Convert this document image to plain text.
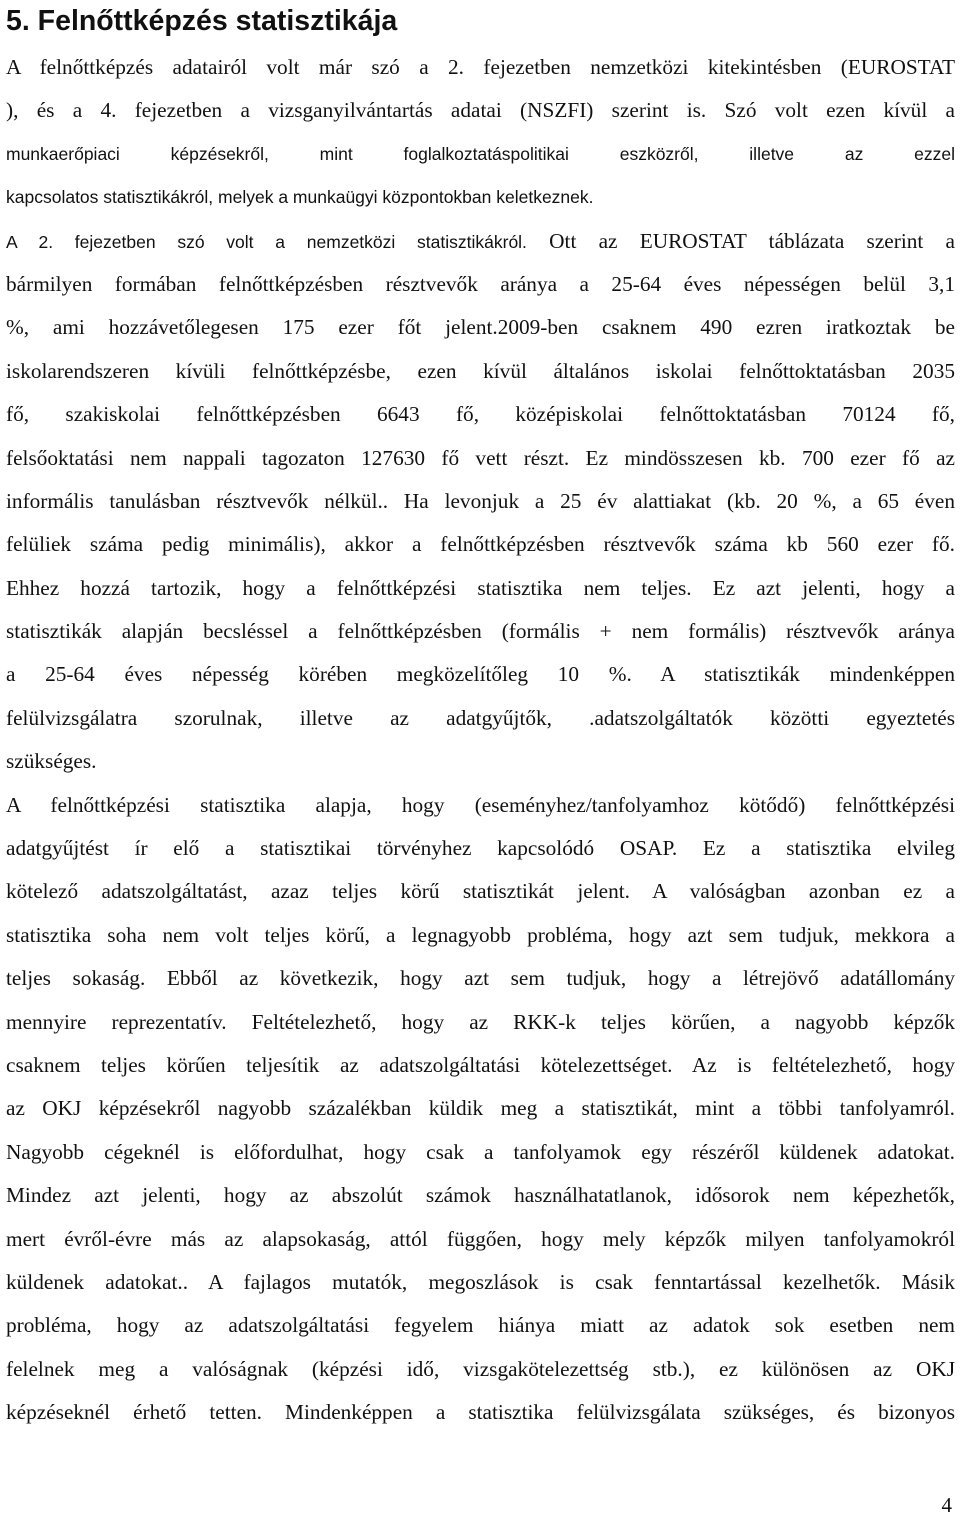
5. Felnőttképzés statisztikája
A felnőttképzés adatairól volt már szó a 2. fejezetben nemzetközi kitekintésben (EUROSTAT
), és a 4. fejezetben a vizsganyilvántartás adatai (NSZFI) szerint is. Szó volt ezen kívül a
munkaerőpiaci képzésekről, mint foglalkoztatáspolitikai eszközről, illetve az ezzel
kapcsolatos statisztikákról, melyek a munkaügyi központokban keletkeznek.
A 2. fejezetben szó volt a nemzetközi statisztikákról. Ott az EUROSTAT táblázata szerint a
bármilyen formában felnőttképzésben résztvevők aránya a 25-64 éves népességen belül 3,1
%, ami hozzávetőlegesen 175 ezer főt jelent.2009-ben csaknem 490 ezren iratkoztak be
iskolarendszeren kívüli felnőttképzésbe, ezen kívül általános iskolai felnőttoktatásban 2035
fő, szakiskolai felnőttképzésben 6643 fő, középiskolai felnőttoktatásban 70124 fő,
felsőoktatási nem nappali tagozaton 127630 fő vett részt. Ez mindösszesen kb. 700 ezer fő az
informális tanulásban résztvevők nélkül.. Ha levonjuk a 25 év alattiakat (kb. 20 %, a 65 éven
felüliek száma pedig minimális), akkor a felnőttképzésben résztvevők száma kb 560 ezer fő.
Ehhez hozzá tartozik, hogy a felnőttképzési statisztika nem teljes. Ez azt jelenti, hogy a
statisztikák alapján becsléssel a felnőttképzésben (formális + nem formális) résztvevők aránya
a 25-64 éves népesség körében megközelítőleg 10 %. A statisztikák mindenképpen
felülvizsgálatra szorulnak, illetve az adatgyűjtők, .adatszolgáltatók közötti egyeztetés
szükséges.
A felnőttképzési statisztika alapja, hogy (eseményhez/tanfolyamhoz kötődő) felnőttképzési
adatgyűjtést ír elő a statisztikai törvényhez kapcsolódó OSAP. Ez a statisztika elvileg
kötelező adatszolgáltatást, azaz teljes körű statisztikát jelent. A valóságban azonban ez a
statisztika soha nem volt teljes körű, a legnagyobb probléma, hogy azt sem tudjuk, mekkora a
teljes sokaság. Ebből az következik, hogy azt sem tudjuk, hogy a létrejövő adatállomány
mennyire reprezentatív. Feltételezhető, hogy az RKK-k teljes körűen, a nagyobb képzők
csaknem teljes körűen teljesítik az adatszolgáltatási kötelezettséget. Az is feltételezhető, hogy
az OKJ képzésekről nagyobb százalékban küldik meg a statisztikát, mint a többi tanfolyamról.
Nagyobb cégeknél is előfordulhat, hogy csak a tanfolyamok egy részéről küldenek adatokat.
Mindez azt jelenti, hogy az abszolút számok használhatatlanok, idősorok nem képezhetők,
mert évről-évre más az alapsokaság, attól függően, hogy mely képzők milyen tanfolyamokról
küldenek adatokat.. A fajlagos mutatók, megoszlások is csak fenntartással kezelhetők. Másik
probléma, hogy az adatszolgáltatási fegyelem hiánya miatt az adatok sok esetben nem
felelnek meg a valóságnak (képzési idő, vizsgakötelezettség stb.), ez különösen az OKJ
képzéseknél érhető tetten. Mindenképpen a statisztika felülvizsgálata szükséges, és bizonyos
4
